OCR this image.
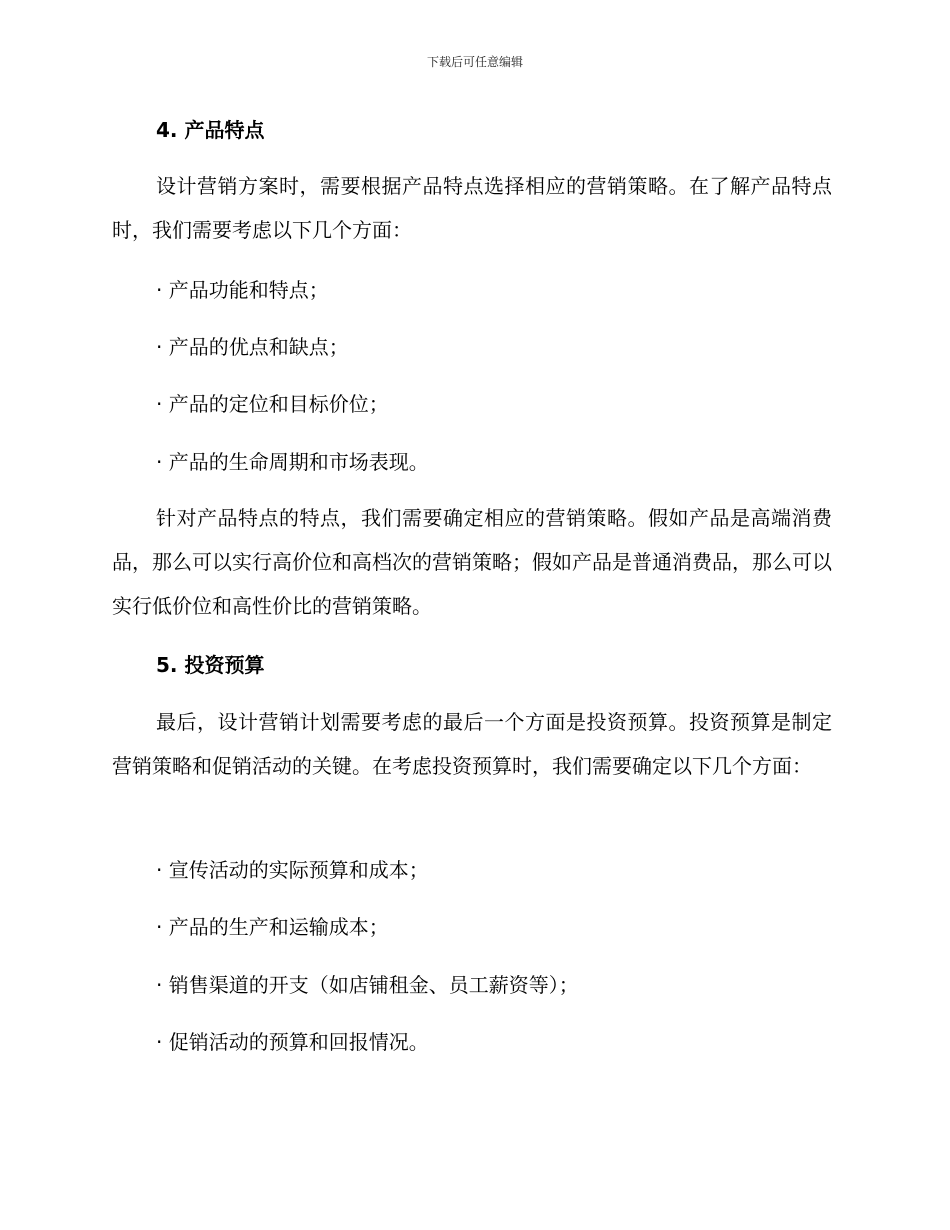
下载后可任意编辑
4. 产品特点

设计营销方案时，需要根据产品特点选择相应的营销策略。在了解产品特点时，我们需要考虑以下几个方面：

· 产品功能和特点；
· 产品的优点和缺点；
· 产品的定位和目标价位；
· 产品的生命周期和市场表现。

针对产品特点的特点，我们需要确定相应的营销策略。假如产品是高端消费品，那么可以实行高价位和高档次的营销策略；假如产品是普通消费品，那么可以实行低价位和高性价比的营销策略。

5. 投资预算

最后，设计营销计划需要考虑的最后一个方面是投资预算。投资预算是制定营销策略和促销活动的关键。在考虑投资预算时，我们需要确定以下几个方面：

· 宣传活动的实际预算和成本；
· 产品的生产和运输成本；
· 销售渠道的开支（如店铺租金、员工薪资等）；
· 促销活动的预算和回报情况。
